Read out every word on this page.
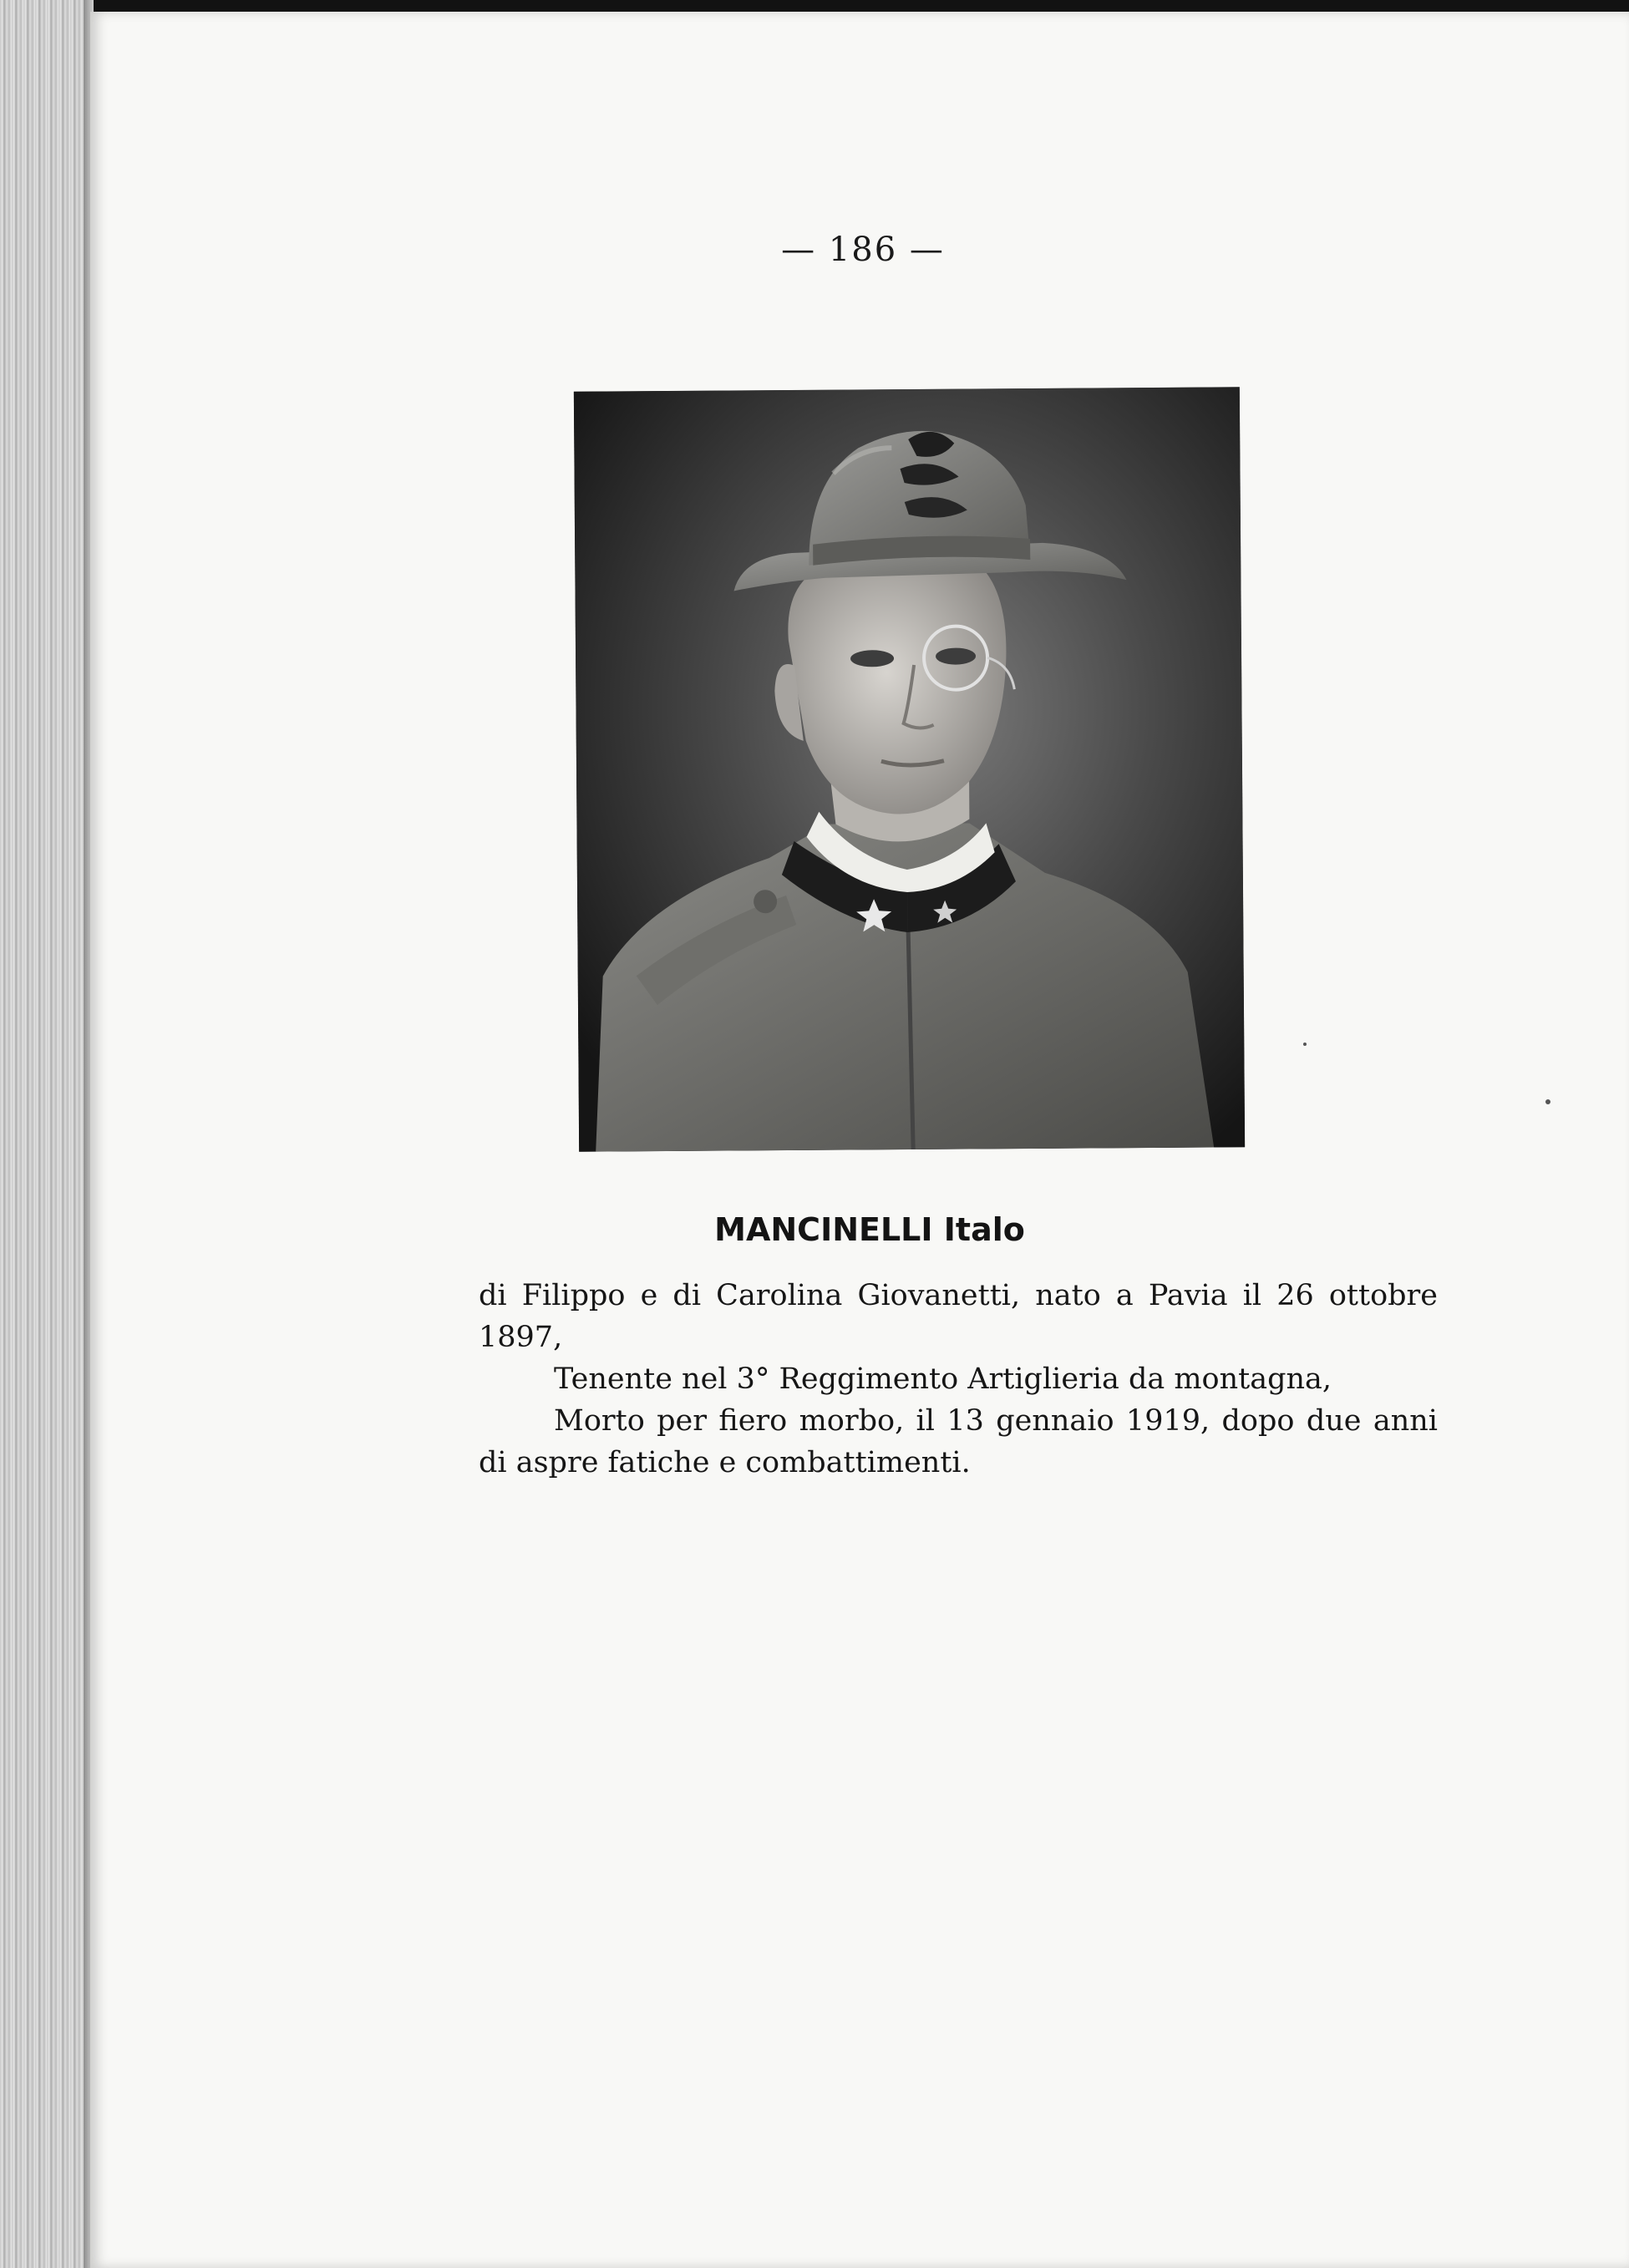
— 186 —
MANCINELLI Italo

di Filippo e di Carolina Giovanetti, nato a Pavia il 26 ottobre 1897,

Tenente nel 3° Reggimento Artiglieria da montagna,

Morto per fiero morbo, il 13 gennaio 1919, dopo due anni di aspre fatiche e combattimenti.
